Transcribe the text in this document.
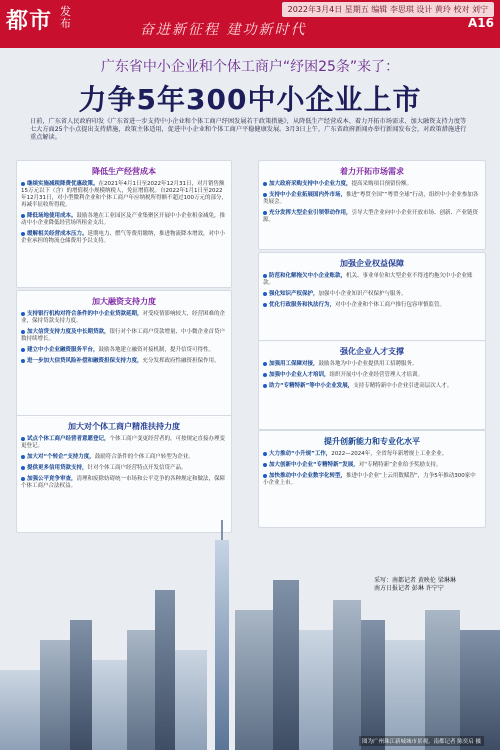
都市 发布
2022年3月4日 星期五 编辑 李思琪 设计 黄玲 校对 刘宁
A16
奋进新征程 建功新时代
广东省中小企业和个体工商户“纾困25条”来了：
力争5年300中小企业上市
日前，广东省人民政府印发《广东省进一步支持中小企业和个体工商户纾困发展若干政策措施》，从降低生产经营成本、着力开拓市场需求、加大融资支持力度等七大方面25个小点提出支持措施，政策主体适用，促进中小企业和个体工商户平稳健康发展。3月3日上午，广东省政府新闻办举行新闻发布会，对政策措施进行重点解读。
降低生产经营成本
继续实施减税降费优惠政策。在2021年4月1日至2022年12月31日，对月销售额15万元以下（含）的增值税小规模纳税人，免征增值税。自2022年1月1日至2022年12月31日，对小型微利企业和个体工商户年应纳税所得额不超过100万元的部分，再减半征收所得税。
降低场地使用成本。鼓励各地在工业园区及产业集聚区开展中小企业租金减免，推动中小企业降低经营场所租金支出。
缓解相关经营成本压力。延期电力、燃气等费用缴纳，推进物流降本增效，对中小企业承担的物流仓储费用予以支持。
加大融资支持力度
支持银行机构对符合条件的中小企业贷款延期，对受疫情影响较大、经营困难的企业，保持贷款支持力度。
加大信贷支持力度及中长期贷款，银行对个体工商户贷款增量、中小微企业首贷户数持续增长。
建立中小企业融资服务平台，鼓励各地建立融资对接机制，提升信贷可得性。
进一步加大信贷风险补偿和融资担保支持力度，充分发挥政府性融资担保作用。
加大对个体工商户精准扶持力度
试点个体工商户经营者意愿登记，个体工商户变更经营者的，可按规定直接办理变更登记。
加大对“个转企”支持力度，鼓励符合条件的个体工商户转型为企业。
提供更多信用贷款支持，针对个体工商户经营特点开发信贷产品。
加强公平竞争审查，清理和废除妨碍统一市场和公平竞争的各种规定和做法，保障个体工商户合法权益。
着力开拓市场需求
加大政府采购支持中小企业力度，提高采购项目预留份额。
支持中小企业拓展国内外市场，推进“粤贸全国”“粤贸全球”行动，组织中小企业参加各类展会。
充分发挥大型企业引领带动作用，引导大型企业向中小企业开放市场、创新、产业链资源。
加强企业权益保障
防范和化解拖欠中小企业账款，机关、事业单位和大型企业不得违约拖欠中小企业账款。
强化知识产权保护，加强中小企业知识产权保护与服务。
优化行政服务和执法行为，对中小企业和个体工商户推行包容审慎监管。
强化企业人才支撑
加强用工保障对接，鼓励各地为中小企业提供用工招聘服务。
加强中小企业人才培训，组织开展中小企业经营管理人才培训。
助力“专精特新”等中小企业发展，支持专精特新中小企业引进高层次人才。
提升创新能力和专业化水平
大力推动“小升规”工作，2022—2024年，全省每年新增规上工业企业。
加大创新中小企业“专精特新”发展，对“专精特新”企业给予奖励支持。
加快推动中小企业数字化转型，推进中小企业“上云用数赋智”，力争5年推动300家中小企业上市。
采写：南都记者 黄映伦 梁琳琳
南方日报记者 彭琳 许宁宁
图为广州珠江新城城市景观。南都记者 陈奕启 摄
